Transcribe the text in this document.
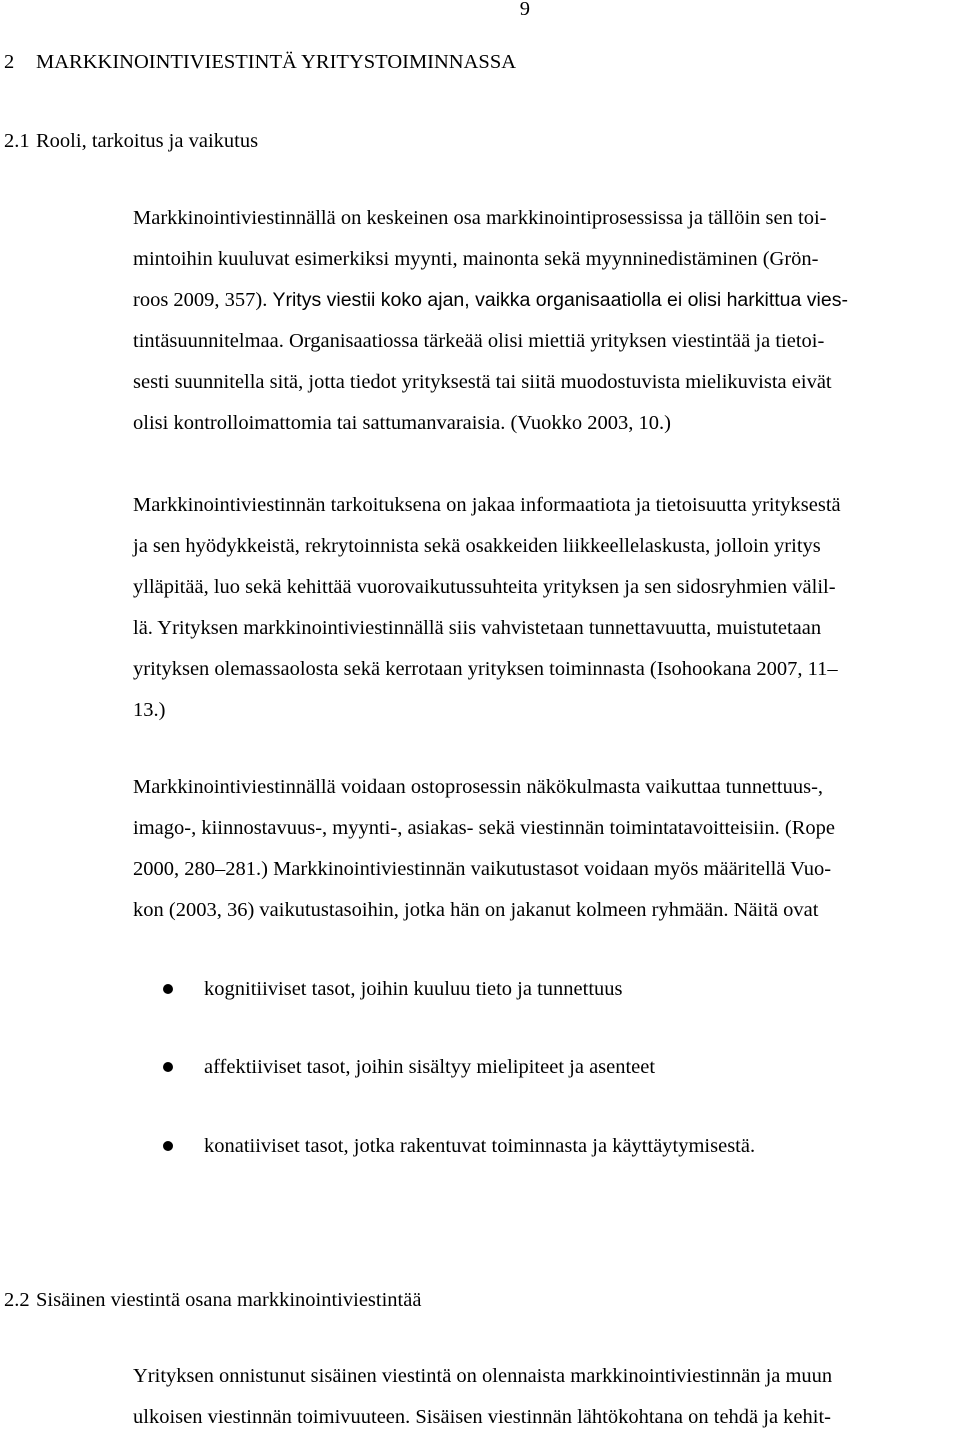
9
2 MARKKINOINTIVIESTINTÄ YRITYSTOIMINNASSA
2.1 Rooli, tarkoitus ja vaikutus
Markkinointiviestinnällä on keskeinen osa markkinointiprosessissa ja tällöin sen toi-
mintoihin kuuluvat esimerkiksi myynti, mainonta sekä myynninedistäminen (Grön-
roos 2009, 357). Yritys viestii koko ajan, vaikka organisaatiolla ei olisi harkittua vies-
tintäsuunnitelmaa. Organisaatiossa tärkeää olisi miettiä yrityksen viestintää ja tietoi-
sesti suunnitella sitä, jotta tiedot yrityksestä tai siitä muodostuvista mielikuvista eivät
olisi kontrolloimattomia tai sattumanvaraisia. (Vuokko 2003, 10.)
Markkinointiviestinnän tarkoituksena on jakaa informaatiota ja tietoisuutta yrityksestä
ja sen hyödykkeistä, rekrytoinnista sekä osakkeiden liikkeellelaskusta, jolloin yritys
ylläpitää, luo sekä kehittää vuorovaikutussuhteita yrityksen ja sen sidosryhmien välil-
lä. Yrityksen markkinointiviestinnällä siis vahvistetaan tunnettavuutta, muistutetaan
yrityksen olemassaolosta sekä kerrotaan yrityksen toiminnasta (Isohookana 2007, 11–
13.)
Markkinointiviestinnällä voidaan ostoprosessin näkökulmasta vaikuttaa tunnettuus-,
imago-, kiinnostavuus-, myynti-, asiakas- sekä viestinnän toimintatavoitteisiin. (Rope
2000, 280–281.) Markkinointiviestinnän vaikutustasot voidaan myös määritellä Vuo-
kon (2003, 36) vaikutustasoihin, jotka hän on jakanut kolmeen ryhmään. Näitä ovat
kognitiiviset tasot, joihin kuuluu tieto ja tunnettuus
affektiiviset tasot, joihin sisältyy mielipiteet ja asenteet
konatiiviset tasot, jotka rakentuvat toiminnasta ja käyttäytymisestä.
2.2 Sisäinen viestintä osana markkinointiviestintää
Yrityksen onnistunut sisäinen viestintä on olennaista markkinointiviestinnän ja muun
ulkoisen viestinnän toimivuuteen. Sisäisen viestinnän lähtökohtana on tehdä ja kehit-
